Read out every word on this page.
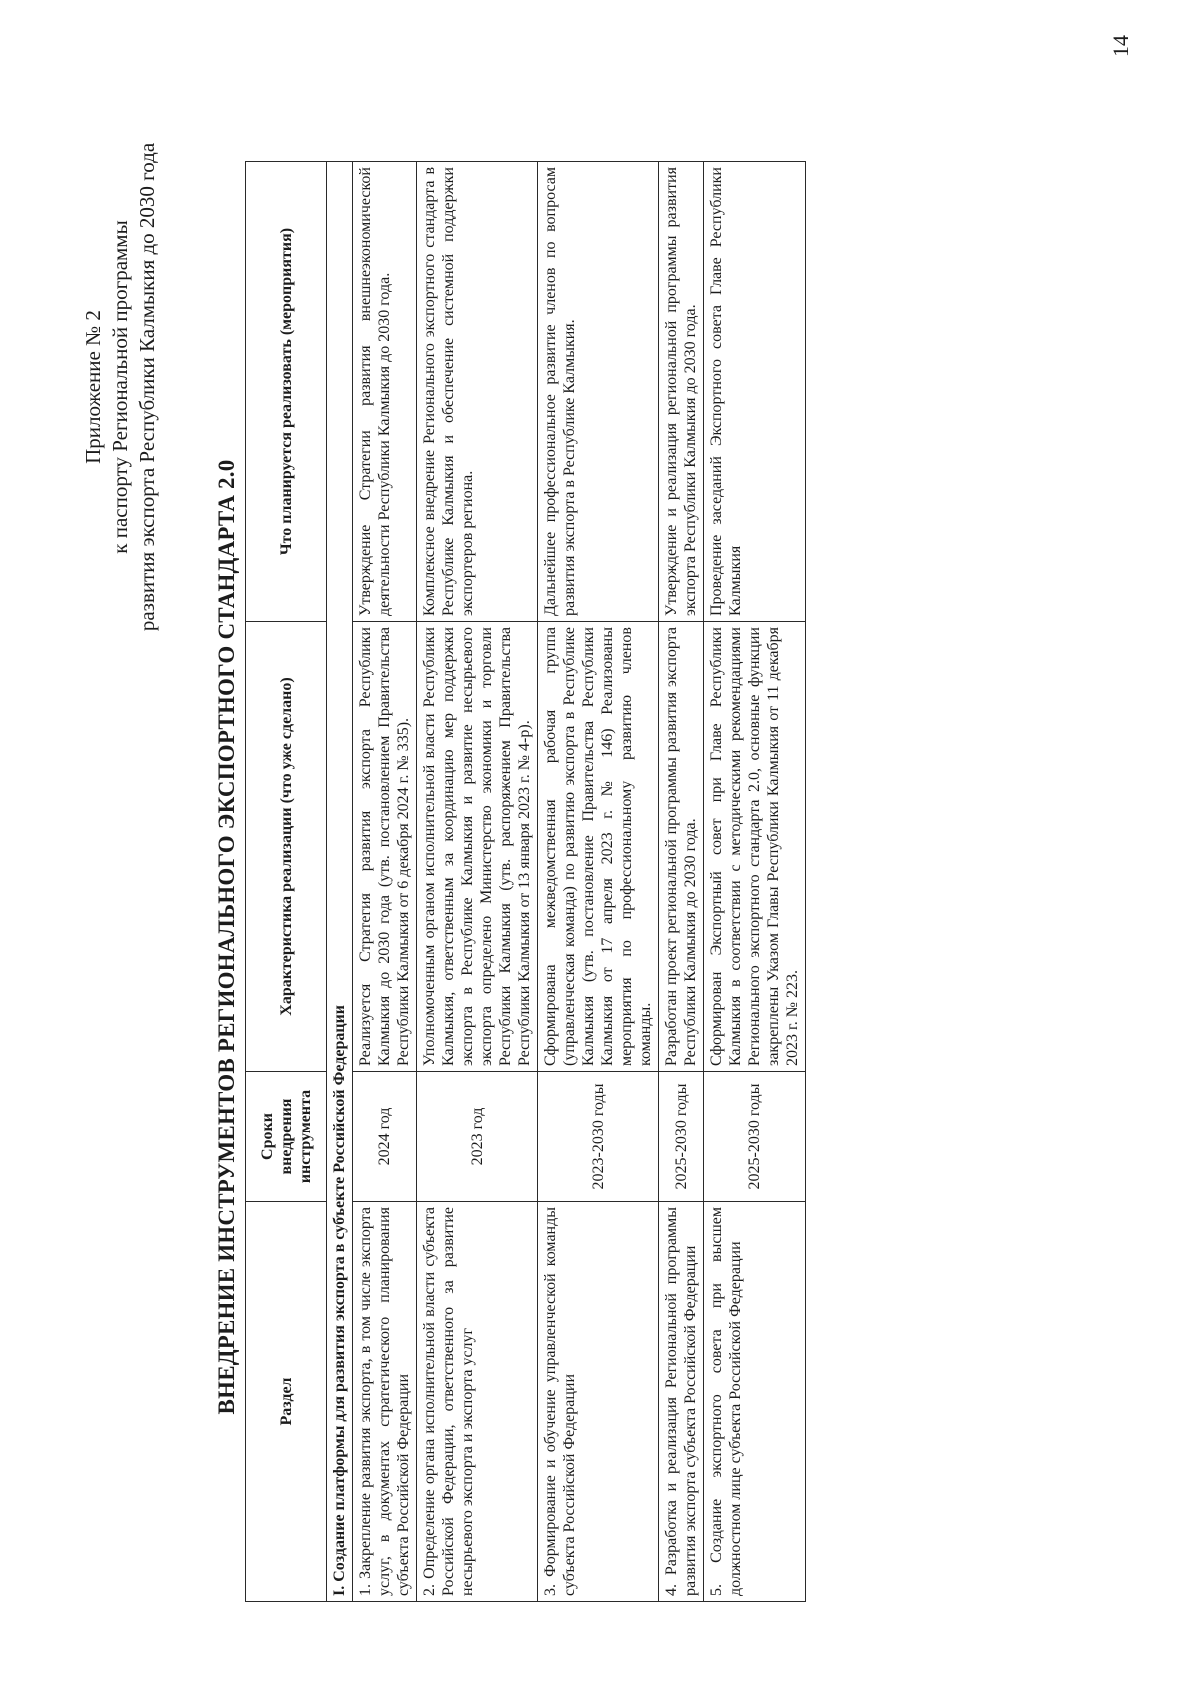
Приложение № 2 к паспорту Региональной программы развития экспорта Республики Калмыкия до 2030 года
ВНЕДРЕНИЕ ИНСТРУМЕНТОВ РЕГИОНАЛЬНОГО ЭКСПОРТНОГО СТАНДАРТА 2.0 Раздел	Сроки внедрения инструмента	Характеристика реализации (что уже сделано)	Что планируется реализовать (мероприятия)
I. Создание платформы для развития экспорта в субъекте Российской Федерации			
1. Закрепление развития экспорта, в том числе экспорта услуг, в документах стратегического планирования субъекта Российской Федерации	2024 год	Реализуется Стратегия развития экспорта Республики Калмыкия до 2030 года (утв. постановлением Правительства Республики Калмыкия от 6 декабря 2024 г. № 335).	Утверждение Стратегии развития внешнеэкономической деятельности Республики Калмыкия до 2030 года.
2. Определение органа исполнительной власти субъекта Российской Федерации, ответственного за развитие несырьевого экспорта и экспорта услуг	2023 год	Уполномоченным органом исполнительной власти Республики Калмыкия, ответственным за координацию мер поддержки экспорта в Республике Калмыкия и развитие несырьевого экспорта определено Министерство экономики и торговли Республики Калмыкия (утв. распоряжением Правительства Республики Калмыкия от 13 января 2023 г. № 4-р).	Комплексное внедрение Регионального экспортного стандарта в Республике Калмыкия и обеспечение системной поддержки экспортеров региона.
3. Формирование и обучение управленческой команды субъекта Российской Федерации	2023-2030 годы	Сформирована межведомственная рабочая группа (управленческая команда) по развитию экспорта в Республике Калмыкия (утв. постановление Правительства Республики Калмыкия от 17 апреля 2023 г. № 146) Реализованы мероприятия по профессиональному развитию членов команды.	Дальнейшее профессиональное развитие членов по вопросам развития экспорта в Республике Калмыкия.
4. Разработка и реализация Региональной программы развития экспорта субъекта Российской Федерации	2025-2030 годы	Разработан проект региональной программы развития экспорта Республики Калмыкия до 2030 года.	Утверждение и реализация региональной программы развития экспорта Республики Калмыкия до 2030 года.
5. Создание экспортного совета при высшем должностном лице субъекта Российской Федерации	2025-2030 годы	Сформирован Экспортный совет при Главе Республики Калмыкия в соответствии с методическими рекомендациями Регионального экспортного стандарта 2.0, основные функции закреплены Указом Главы Республики Калмыкия от 11 декабря 2023 г. № 223.	Проведение заседаний Экспортного совета Главе Республики Калмыкия
14
